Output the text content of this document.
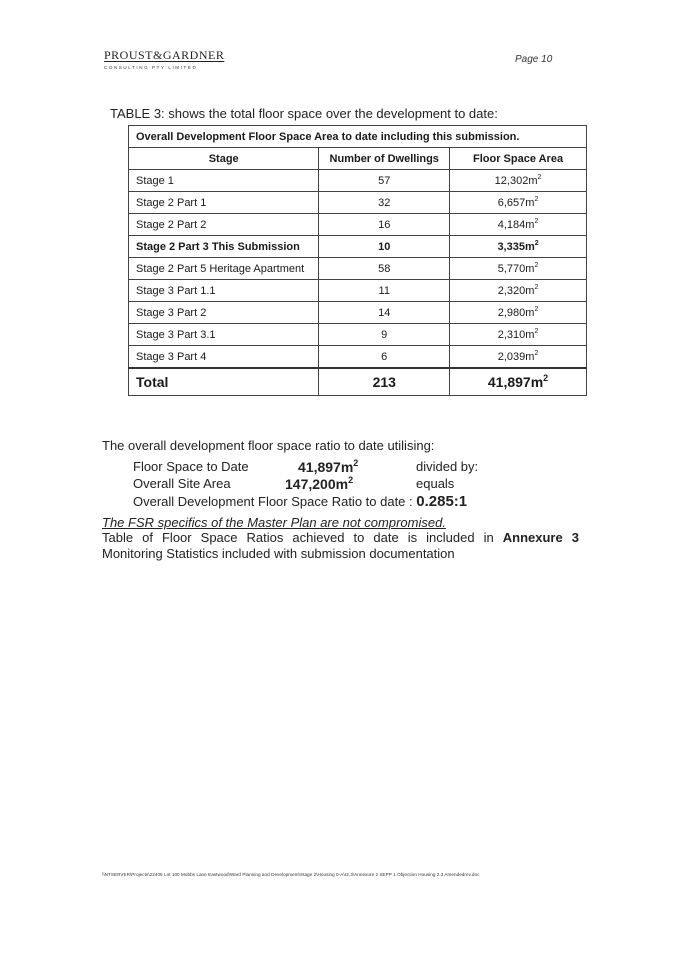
PROUST&GARDNER
CONSULTING PTY LIMITED
Page 10
TABLE 3: shows the total floor space over the development to date:
Overall Development Floor Space Area to date including this submission.		
Stage	Number of Dwellings	Floor Space Area
Stage 1	57	$12,302m^2$
Stage 2 Part 1	32	$6,657m^2$
Stage 2 Part 2	16	$4,184m^2$
Stage 2 Part 3 This Submission	10	$3,335m^2$
Stage 2 Part 5 Heritage Apartment	58	$5,770m^2$
Stage 3 Part 1.1	11	$2,320m^2$
Stage 3 Part 2	14	$2,980m^2$
Stage 3 Part 3.1	9	$2,310m^2$
Stage 3 Part 4	6	$2,039m^2$
Total	213	$41,897m^2$
The overall development floor space ratio to date utilising:
Floor Space to Date	$41,897m^2$	divided by:
Overall Site Area	$147,200m^2$	equals
Overall Development Floor Space Ratio to date : 0.285:1
The FSR specifics of the Master Plan are not compromised.
Table of Floor Space Ratios achieved to date is included in Annexure 3
Monitoring Statistics included with submission documentation
\\NTSERVER\Projects\22405 Lot 100 Mobbs Lane Eastwood\Ward Planning and Development\Stage 2\Housing 0-A\r2.3\Annexure 2 SEPP 1 Objection Housing 2.3 Amendedrev.doc
